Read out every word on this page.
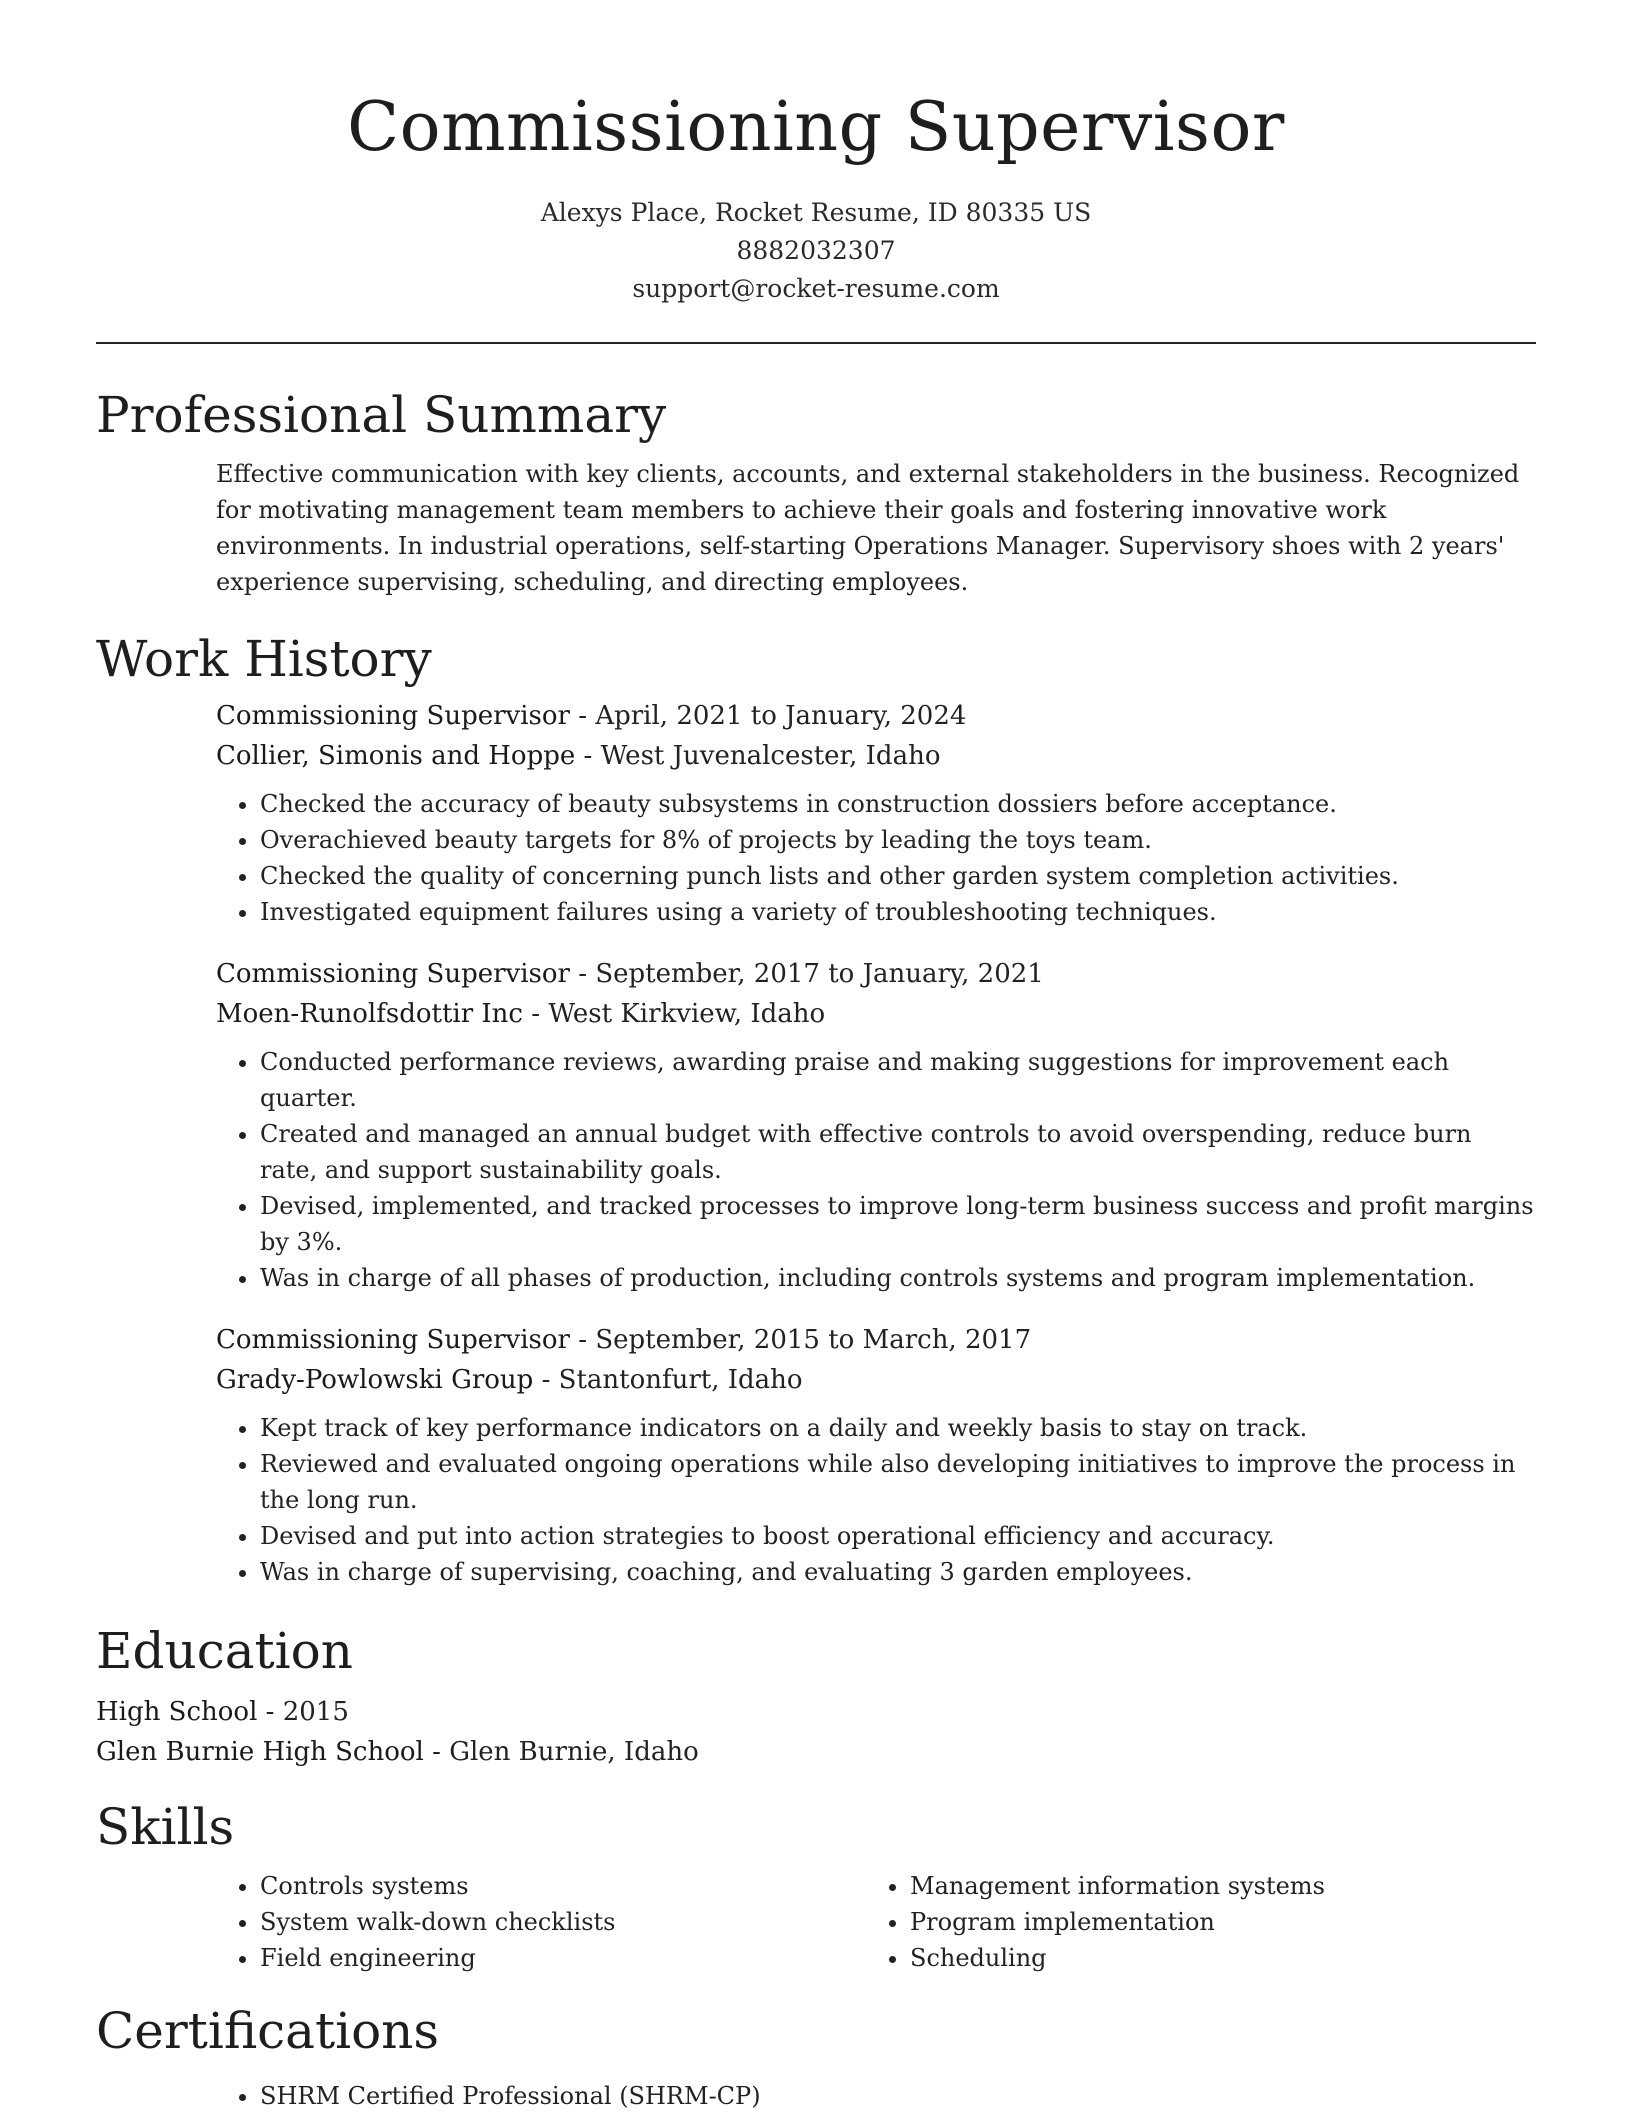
Commissioning Supervisor
Alexys Place, Rocket Resume, ID 80335 US
8882032307
support@rocket-resume.com
Professional Summary

Effective communication with key clients, accounts, and external stakeholders in the business. Recognized for motivating management team members to achieve their goals and fostering innovative work environments. In industrial operations, self-starting Operations Manager. Supervisory shoes with 2 years' experience supervising, scheduling, and directing employees.

Work History
Commissioning Supervisor - April, 2021 to January, 2024
Collier, Simonis and Hoppe - West Juvenalcester, Idaho
• Checked the accuracy of beauty subsystems in construction dossiers before acceptance.
• Overachieved beauty targets for 8% of projects by leading the toys team.
• Checked the quality of concerning punch lists and other garden system completion activities.
• Investigated equipment failures using a variety of troubleshooting techniques.
Commissioning Supervisor - September, 2017 to January, 2021
Moen-Runolfsdottir Inc - West Kirkview, Idaho
• Conducted performance reviews, awarding praise and making suggestions for improvement each quarter.
• Created and managed an annual budget with effective controls to avoid overspending, reduce burn rate, and support sustainability goals.
• Devised, implemented, and tracked processes to improve long-term business success and profit margins by 3%.
• Was in charge of all phases of production, including controls systems and program implementation.
Commissioning Supervisor - September, 2015 to March, 2017
Grady-Powlowski Group - Stantonfurt, Idaho
• Kept track of key performance indicators on a daily and weekly basis to stay on track.
• Reviewed and evaluated ongoing operations while also developing initiatives to improve the process in the long run.
• Devised and put into action strategies to boost operational efficiency and accuracy.
• Was in charge of supervising, coaching, and evaluating 3 garden employees.
Education
High School - 2015
Glen Burnie High School - Glen Burnie, Idaho
Skills
• Controls systems
• System walk-down checklists
• Field engineering
• Management information systems
• Program implementation
• Scheduling
Certifications
• SHRM Certified Professional (SHRM-CP)
